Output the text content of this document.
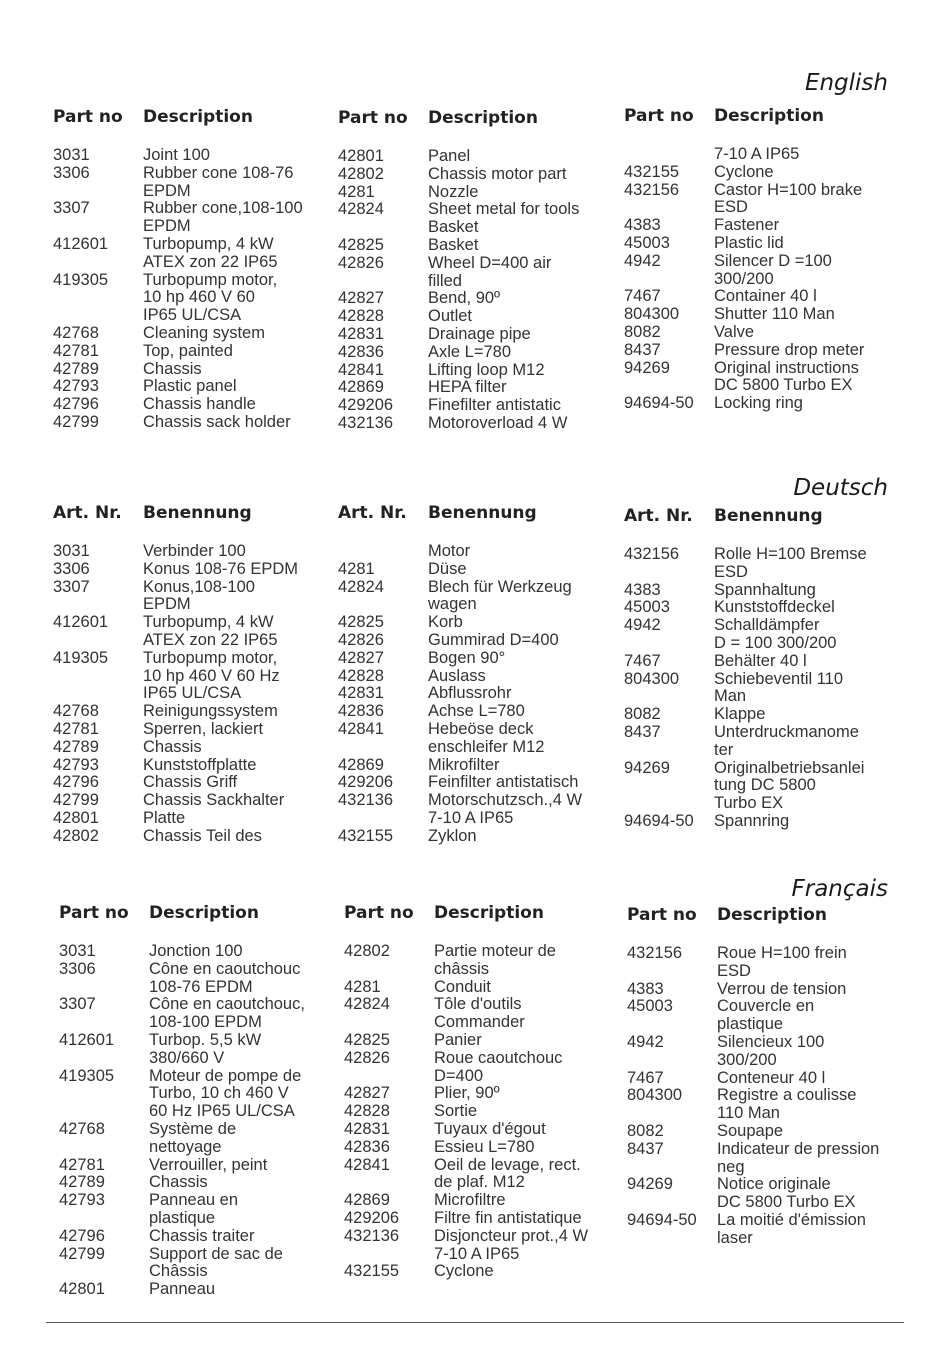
English
Part no	Description
3031	Joint 100
3306	Rubber cone 108-76
EPDM
3307	Rubber cone,108-100
EPDM
412601	Turbopump, 4 kW
ATEX zon 22 IP65
419305	Turbopump motor,
10 hp 460 V 60
IP65 UL/CSA
42768	Cleaning system
42781	Top, painted
42789	Chassis
42793	Plastic panel
42796	Chassis handle
42799	Chassis sack holder
Part no	Description
42801	Panel
42802	Chassis motor part
4281	Nozzle
42824	Sheet metal for tools
Basket
42825	Basket
42826	Wheel D=400 air
filled
42827	Bend, 90º
42828	Outlet
42831	Drainage pipe
42836	Axle L=780
42841	Lifting loop M12
42869	HEPA filter
429206	Finefilter antistatic
432136	Motoroverload 4 W
Part no	Description
7-10 A IP65
432155	Cyclone
432156	Castor H=100 brake
ESD
4383	Fastener
45003	Plastic lid
4942	Silencer D =100
300/200
7467	Container 40 l
804300	Shutter 110 Man
8082	Valve
8437	Pressure drop meter
94269	Original instructions
DC 5800 Turbo EX
94694-50	Locking ring
Deutsch
Art. Nr.	Benennung
3031	Verbinder 100
3306	Konus 108-76 EPDM
3307	Konus,108-100
EPDM
412601	Turbopump, 4 kW
ATEX zon 22 IP65
419305	Turbopump motor,
10 hp 460 V 60 Hz
IP65 UL/CSA
42768	Reinigungssystem
42781	Sperren, lackiert
42789	Chassis
42793	Kunststoffplatte
42796	Chassis Griff
42799	Chassis Sackhalter
42801	Platte
42802	Chassis Teil des
Art. Nr.	Benennung
Motor
4281	Düse
42824	Blech für Werkzeug
wagen
42825	Korb
42826	Gummirad D=400
42827	Bogen 90°
42828	Auslass
42831	Abflussrohr
42836	Achse L=780
42841	Hebeöse deck
enschleifer M12
42869	Mikrofilter
429206	Feinfilter antistatisch
432136	Motorschutzsch.,4 W
7-10 A IP65
432155	Zyklon
Art. Nr.	Benennung
432156	Rolle H=100 Bremse
ESD
4383	Spannhaltung
45003	Kunststoffdeckel
4942	Schalldämpfer
D = 100 300/200
7467	Behälter 40 l
804300	Schiebeventil 110
Man
8082	Klappe
8437	Unterdruckmanome
ter
94269	Originalbetriebsanlei
tung DC 5800
Turbo EX
94694-50	Spannring
Français
Part no	Description
3031	Jonction 100
3306	Cône en caoutchouc
108-76 EPDM
3307	Cône en caoutchouc,
108-100 EPDM
412601	Turbop. 5,5 kW
380/660 V
419305	Moteur de pompe de
Turbo, 10 ch 460 V
60 Hz IP65 UL/CSA
42768	Système de
nettoyage
42781	Verrouiller, peint
42789	Chassis
42793	Panneau en
plastique
42796	Chassis traiter
42799	Support de sac de
Châssis
42801	Panneau
Part no	Description
42802	Partie moteur de
châssis
4281	Conduit
42824	Tôle d'outils
Commander
42825	Panier
42826	Roue caoutchouc
D=400
42827	Plier, 90º
42828	Sortie
42831	Tuyaux d'égout
42836	Essieu L=780
42841	Oeil de levage, rect.
de plaf. M12
42869	Microfiltre
429206	Filtre fin antistatique
432136	Disjoncteur prot.,4 W
7-10 A IP65
432155	Cyclone
Part no	Description
432156	Roue H=100 frein
ESD
4383	Verrou de tension
45003	Couvercle en
plastique
4942	Silencieux 100
300/200
7467	Conteneur 40 l
804300	Registre a coulisse
110 Man
8082	Soupape
8437	Indicateur de pression
neg
94269	Notice originale
DC 5800 Turbo EX
94694-50	La moitié d'émission
laser
